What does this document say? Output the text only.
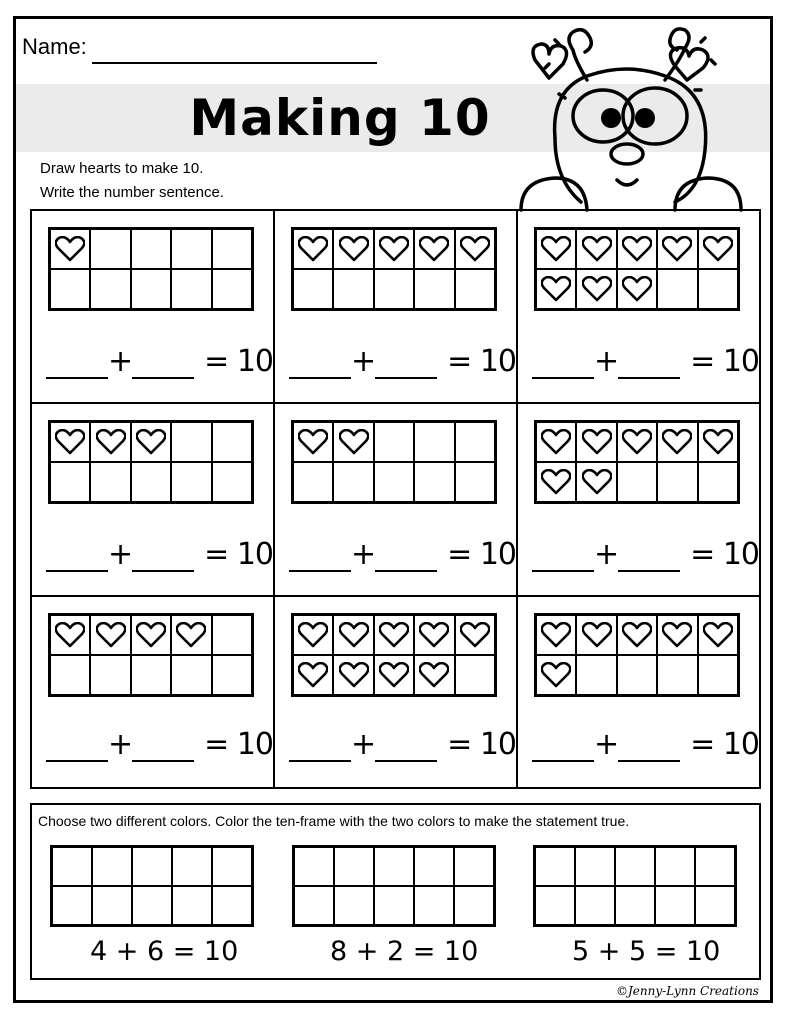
Name:
Making 10
Draw hearts to make 10.
Write the number sentence.
+ = 10	+ = 10	+ = 10
+ = 10	+ = 10	+ = 10
+ = 10	+ = 10	+ = 10
Choose two different colors. Color the ten-frame with the two colors to make the statement true.
4 + 6 = 10	8 + 2 = 10	5 + 5 = 10
©Jenny-Lynn Creations
